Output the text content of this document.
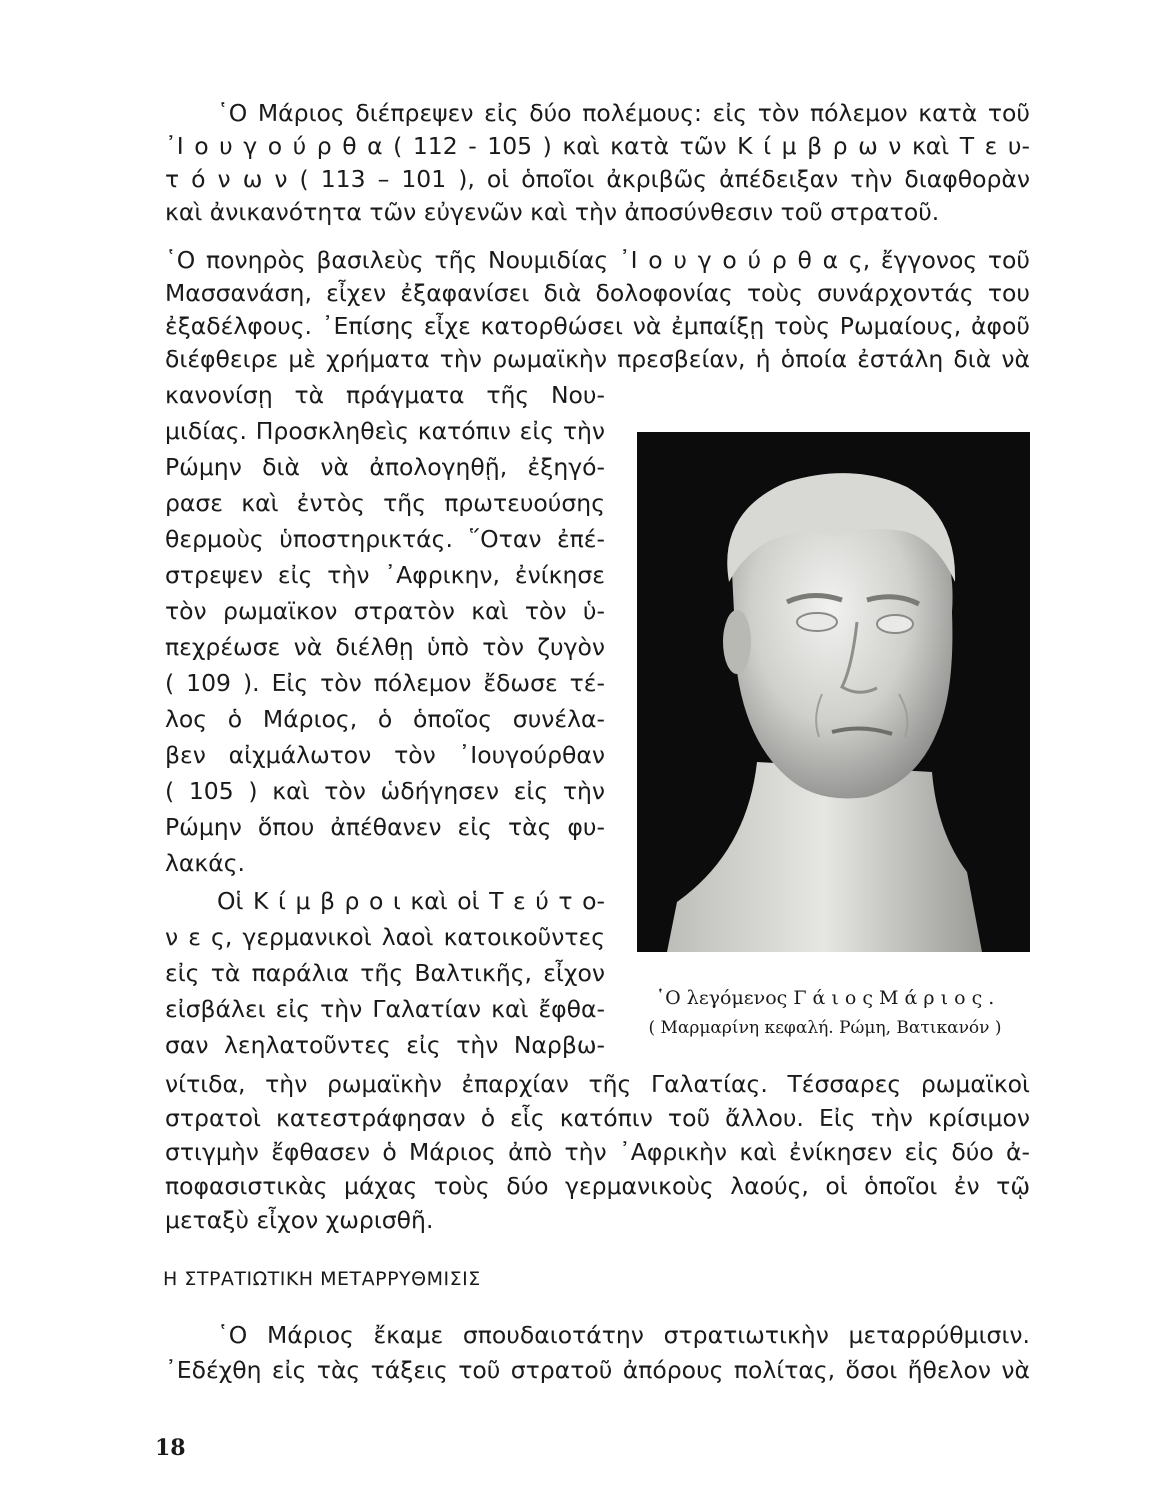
῾Ο Μάριος διέπρεψεν εἰς δύο πολέμους: εἰς τὸν πόλεμον κατὰ τοῦ
᾿Ι ο υ γ ο ύ ρ θ α ( 112 - 105 ) καὶ κατὰ τῶν Κ ί μ β ρ ω ν καὶ Τ ε υ-
τ ό ν ω ν ( 113 – 101 ), οἱ ὁποῖοι ἀκριβῶς ἀπέδειξαν τὴν διαφθορὰν
καὶ ἀνικανότητα τῶν εὐγενῶν καὶ τὴν ἀποσύνθεσιν τοῦ στρατοῦ.
῾Ο πονηρὸς βασιλεὺς τῆς Νουμιδίας ᾿Ι ο υ γ ο ύ ρ θ α ς, ἔγγονος τοῦ
Μασσανάση, εἶχεν ἐξαφανίσει διὰ δολοφονίας τοὺς συνάρχοντάς του
ἐξαδέλφους. ᾿Επίσης εἶχε κατορθώσει νὰ ἐμπαίξῃ τοὺς Ρωμαίους, ἀφοῦ
διέφθειρε μὲ χρήματα τὴν ρωμαϊκὴν πρεσβείαν, ἡ ὁποία ἐστάλη διὰ νὰ
κανονίσῃ τὰ πράγματα τῆς Νου-
μιδίας. Προσκληθεὶς κατόπιν εἰς τὴν
Ρώμην διὰ νὰ ἀπολογηθῇ, ἐξηγό-
ρασε καὶ ἐντὸς τῆς πρωτευούσης
θερμοὺς ὑποστηρικτάς. ῞Οταν ἐπέ-
στρεψεν εἰς τὴν ᾿Αφρικην, ἐνίκησε
τὸν ρωμαϊκον στρατὸν καὶ τὸν ὑ-
πεχρέωσε νὰ διέλθῃ ὑπὸ τὸν ζυγὸν
( 109 ). Εἰς τὸν πόλεμον ἔδωσε τέ-
λος ὁ Μάριος, ὁ ὁποῖος συνέλα-
βεν αἰχμάλωτον τὸν ᾿Ιουγούρθαν
( 105 ) καὶ τὸν ὡδήγησεν εἰς τὴν
Ρώμην ὅπου ἀπέθανεν εἰς τὰς φυ-
λακάς.
Οἱ Κ ί μ β ρ ο ι καὶ οἱ Τ ε ύ τ ο-
ν ε ς, γερμανικοὶ λαοὶ κατοικοῦντες
εἰς τὰ παράλια τῆς Βαλτικῆς, εἶχον
εἰσβάλει εἰς τὴν Γαλατίαν καὶ ἔφθα-
σαν λεηλατοῦντες εἰς τὴν Ναρβω-
νίτιδα, τὴν ρωμαϊκὴν ἐπαρχίαν τῆς Γαλατίας. Τέσσαρες ρωμαϊκοὶ
στρατοὶ κατεστράφησαν ὁ εἷς κατόπιν τοῦ ἄλλου. Εἰς τὴν κρίσιμον
στιγμὴν ἔφθασεν ὁ Μάριος ἀπὸ τὴν ᾿Αφρικὴν καὶ ἐνίκησεν εἰς δύο ἀ-
ποφασιστικὰς μάχας τοὺς δύο γερμανικοὺς λαούς, οἱ ὁποῖοι ἐν τῷ
μεταξὺ εἶχον χωρισθῆ.
Η ΣΤΡΑΤΙΩΤΙΚΗ ΜΕΤΑΡΡΥΘΜΙΣΙΣ
῾Ο Μάριος ἔκαμε σπουδαιοτάτην στρατιωτικὴν μεταρρύθμισιν.
᾿Εδέχθη εἰς τὰς τάξεις τοῦ στρατοῦ ἀπόρους πολίτας, ὅσοι ἤθελον νὰ
῾Ο λεγόμενος Γ ά ι ο ς Μ ά ρ ι ο ς .
( Μαρμαρίνη κεφαλή. Ρώμη, Βατικανόν )
18
